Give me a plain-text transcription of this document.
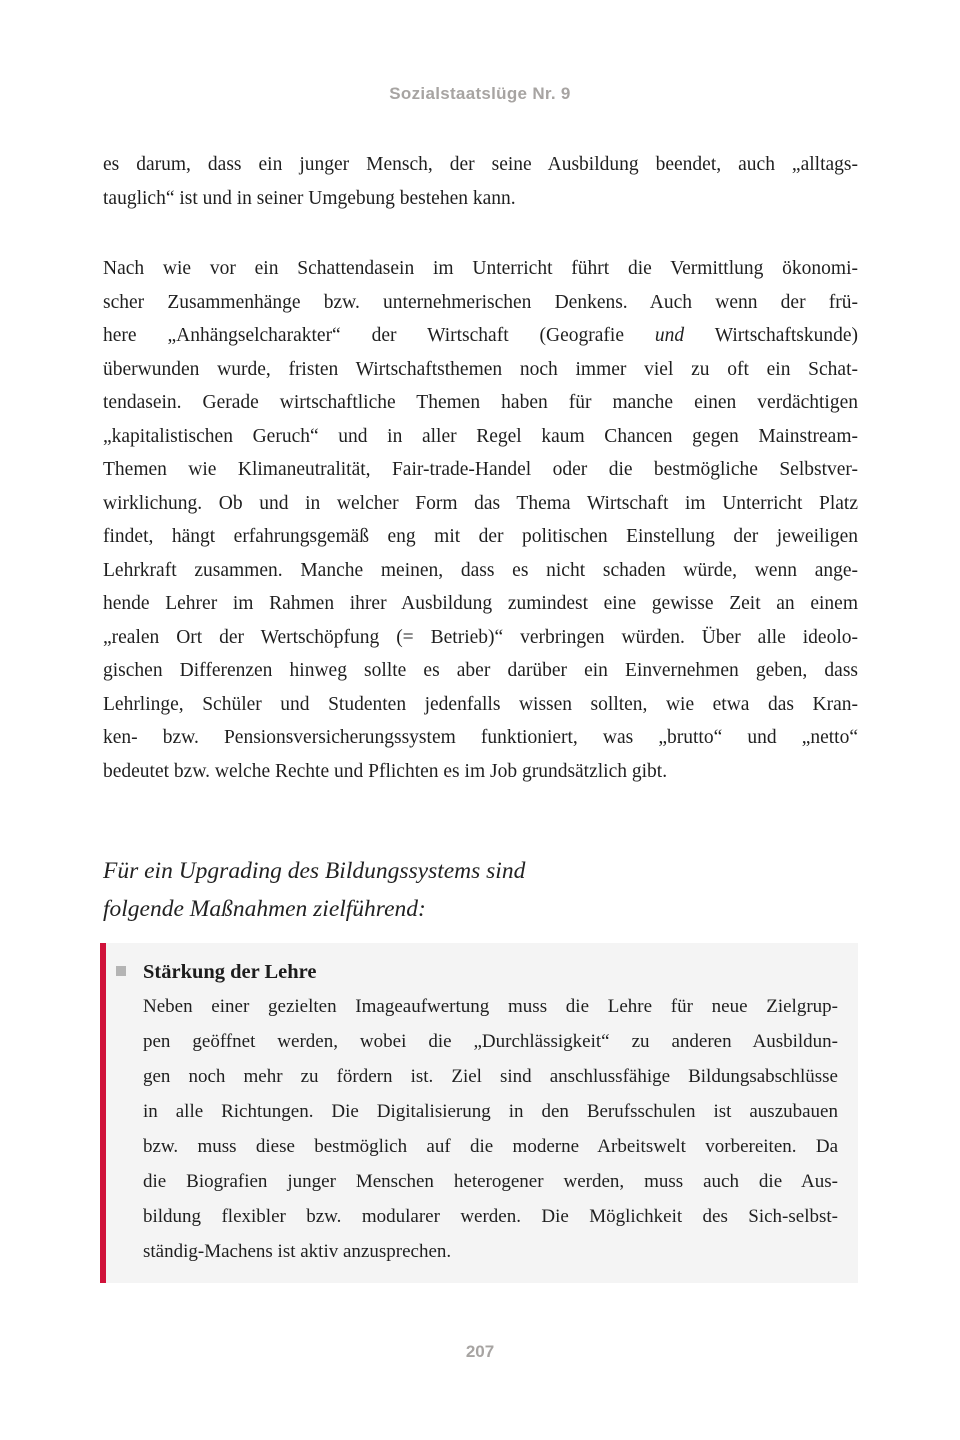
Sozialstaatslüge Nr. 9
es darum, dass ein junger Mensch, der seine Ausbildung beendet, auch „alltags-
tauglich“ ist und in seiner Umgebung bestehen kann.
Nach wie vor ein Schattendasein im Unterricht führt die Vermittlung ökonomi-
scher Zusammenhänge bzw. unternehmerischen Denkens. Auch wenn der frü-
here „Anhängselcharakter“ der Wirtschaft (Geografie und Wirtschaftskunde)
überwunden wurde, fristen Wirtschaftsthemen noch immer viel zu oft ein Schat-
tendasein. Gerade wirtschaftliche Themen haben für manche einen verdächtigen
„kapitalistischen Geruch“ und in aller Regel kaum Chancen gegen Mainstream-
Themen wie Klimaneutralität, Fair-trade-Handel oder die bestmögliche Selbstver-
wirklichung. Ob und in welcher Form das Thema Wirtschaft im Unterricht Platz
findet, hängt erfahrungsgemäß eng mit der politischen Einstellung der jeweiligen
Lehrkraft zusammen. Manche meinen, dass es nicht schaden würde, wenn ange-
hende Lehrer im Rahmen ihrer Ausbildung zumindest eine gewisse Zeit an einem
„realen Ort der Wertschöpfung (= Betrieb)“ verbringen würden. Über alle ideolo-
gischen Differenzen hinweg sollte es aber darüber ein Einvernehmen geben, dass
Lehrlinge, Schüler und Studenten jedenfalls wissen sollten, wie etwa das Kran-
ken- bzw. Pensionsversicherungssystem funktioniert, was „brutto“ und „netto“
bedeutet bzw. welche Rechte und Pflichten es im Job grundsätzlich gibt.
Für ein Upgrading des Bildungssystems sind
folgende Maßnahmen zielführend:
Stärkung der Lehre
Neben einer gezielten Imageaufwertung muss die Lehre für neue Zielgrup-
pen geöffnet werden, wobei die „Durchlässigkeit“ zu anderen Ausbildun-
gen noch mehr zu fördern ist. Ziel sind anschlussfähige Bildungsabschlüsse
in alle Richtungen. Die Digitalisierung in den Berufsschulen ist auszubauen
bzw. muss diese bestmöglich auf die moderne Arbeitswelt vorbereiten. Da
die Biografien junger Menschen heterogener werden, muss auch die Aus-
bildung flexibler bzw. modularer werden. Die Möglichkeit des Sich-selbst-
ständig-Machens ist aktiv anzusprechen.
207
